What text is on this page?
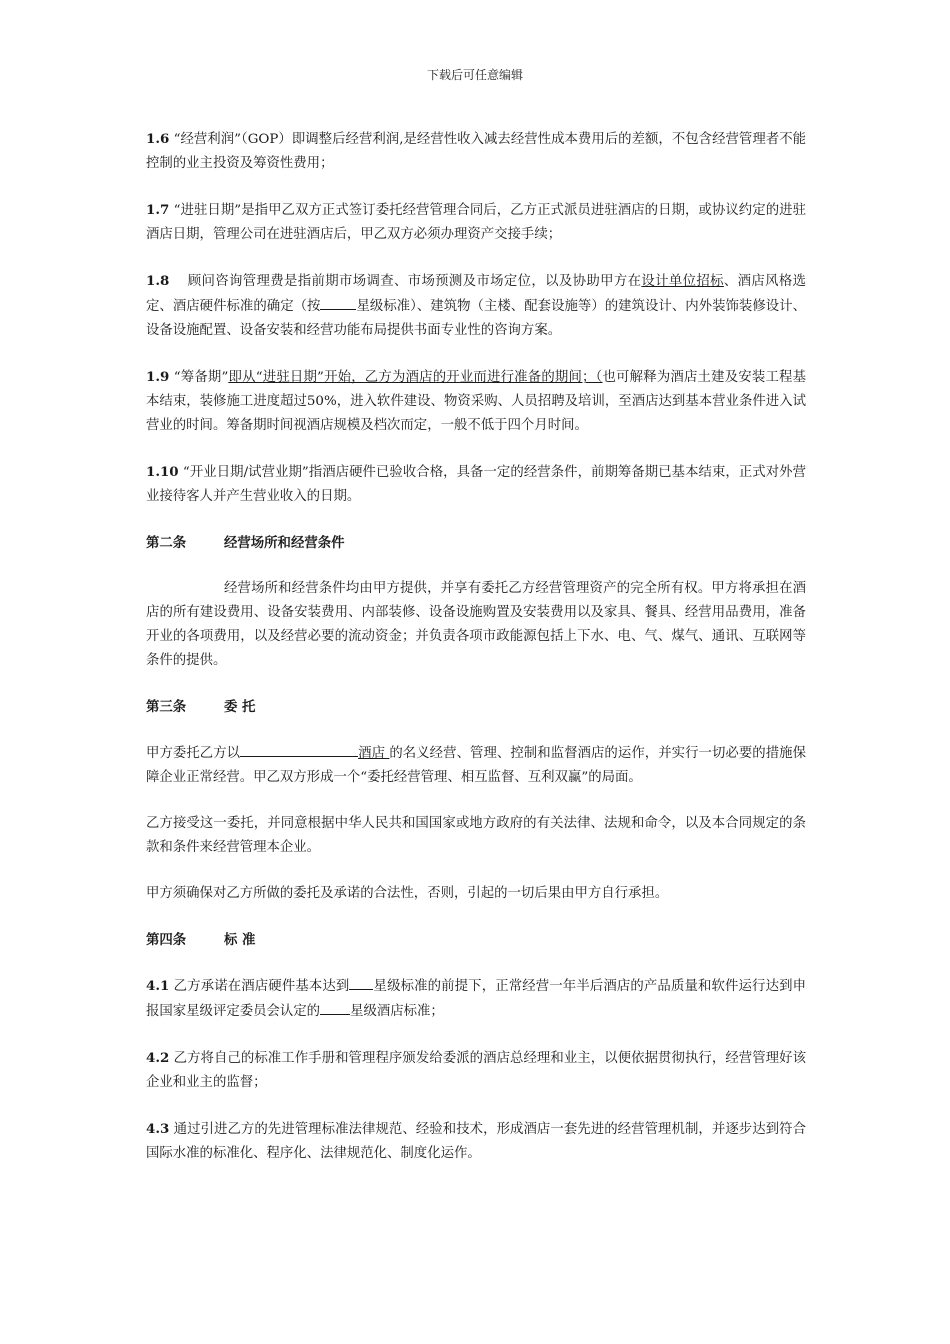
下载后可任意编辑

1.6 “经营利润”（GOP）即调整后经营利润,是经营性收入减去经营性成本费用后的差额，不包含经营管理者不能控制的业主投资及筹资性费用；

1.7 “进驻日期”是指甲乙双方正式签订委托经营管理合同后，乙方正式派员进驻酒店的日期，或协议约定的进驻酒店日期，管理公司在进驻酒店后，甲乙双方必须办理资产交接手续；

1.8    顾问咨询管理费是指前期市场调查、市场预测及市场定位，以及协助甲方在设计单位招标、酒店风格选定、酒店硬件标准的确定（按	星级标准）、建筑物（主楼、配套设施等）的建筑设计、内外装饰装修设计、设备设施配置、设备安装和经营功能布局提供书面专业性的咨询方案。

1.9 “筹备期”即从“进驻日期”开始，乙方为酒店的开业而进行准备的期间；（也可解释为酒店土建及安装工程基本结束，装修施工进度超过50%，进入软件建设、物资采购、人员招聘及培训，至酒店达到基本营业条件进入试营业的时间。筹备期时间视酒店规模及档次而定，一般不低于四个月时间。

1.10 “开业日期/试营业期”指酒店硬件已验收合格，具备一定的经营条件，前期筹备期已基本结束，正式对外营业接待客人并产生营业收入的日期。

第二条	经营场所和经营条件

经营场所和经营条件均由甲方提供，并享有委托乙方经营管理资产的完全所有权。甲方将承担在酒店的所有建设费用、设备安装费用、内部装修、设备设施购置及安装费用以及家具、餐具、经营用品费用，准备开业的各项费用，以及经营必要的流动资金；并负责各项市政能源包括上下水、电、气、煤气、通讯、互联网等条件的提供。

第三条	委 托

甲方委托乙方以	酒店 的名义经营、管理、控制和监督酒店的运作，并实行一切必要的措施保障企业正常经营。甲乙双方形成一个“委托经营管理、相互监督、互利双赢”的局面。

乙方接受这一委托，并同意根据中华人民共和国国家或地方政府的有关法律、法规和命令，以及本合同规定的条款和条件来经营管理本企业。

甲方须确保对乙方所做的委托及承诺的合法性，否则，引起的一切后果由甲方自行承担。

第四条	标 准

4.1 乙方承诺在酒店硬件基本达到 星级标准的前提下，正常经营一年半后酒店的产品质量和软件运行达到申报国家星级评定委员会认定的 星级酒店标准；

4.2 乙方将自己的标准工作手册和管理程序颁发给委派的酒店总经理和业主，以便依据贯彻执行，经营管理好该企业和业主的监督；

4.3 通过引进乙方的先进管理标准法律规范、经验和技术，形成酒店一套先进的经营管理机制，并逐步达到符合国际水准的标准化、程序化、法律规范化、制度化运作。
